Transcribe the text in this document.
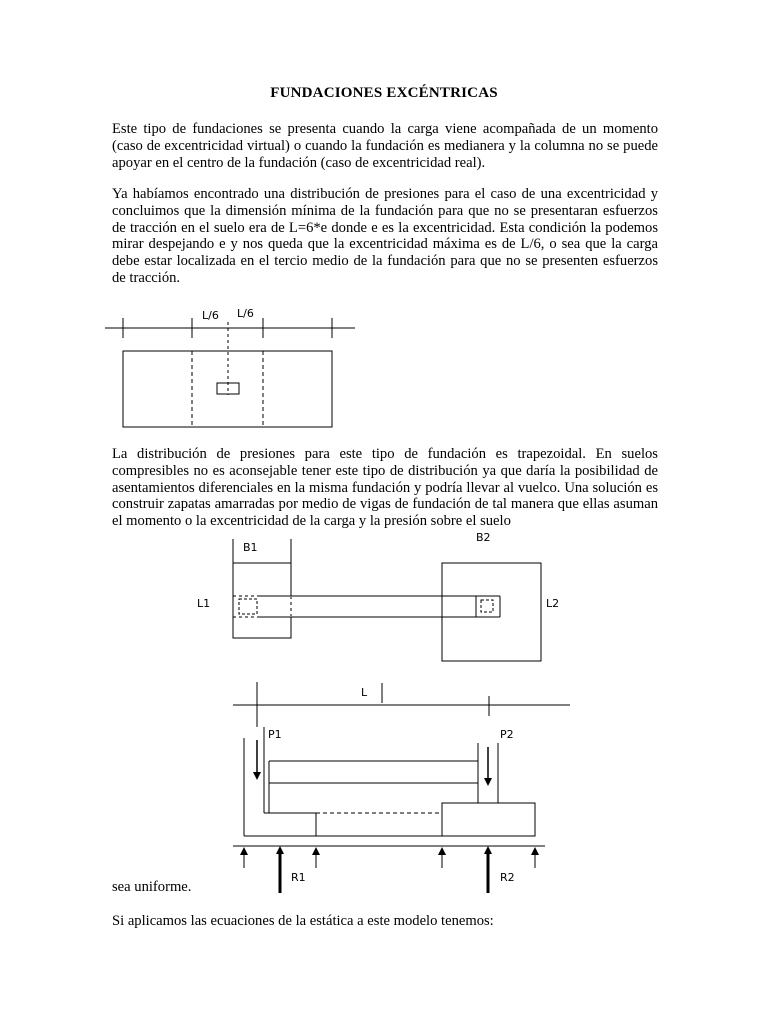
FUNDACIONES EXCÉNTRICAS
Este tipo de fundaciones se presenta cuando la carga viene acompañada de un momento (caso de excentricidad virtual) o cuando la fundación es medianera y la columna no se puede apoyar en el centro de la fundación (caso de excentricidad real).
Ya habíamos encontrado una distribución de presiones para el caso de una excentricidad y concluimos que la dimensión mínima de la fundación para que no se presentaran esfuerzos de tracción en el suelo era de L=6*e donde e es la excentricidad. Esta condición la podemos mirar despejando e y nos queda que la excentricidad máxima es de L/6, o sea que la carga debe estar localizada en el tercio medio de la fundación para que no se presenten esfuerzos de tracción.
La distribución de presiones para este tipo de fundación es trapezoidal. En suelos compresibles no es aconsejable tener este tipo de distribución ya que daría la posibilidad de asentamientos diferenciales en la misma fundación y podría llevar al vuelco. Una solución es construir zapatas amarradas por medio de vigas de fundación de tal manera que ellas asuman el momento o la excentricidad de la carga y la presión sobre el suelo
sea uniforme.
Si aplicamos las ecuaciones de la estática a este modelo tenemos:
L/6 L/6
B1
B2
L1	L2
L
P1	P2
R1	R2
